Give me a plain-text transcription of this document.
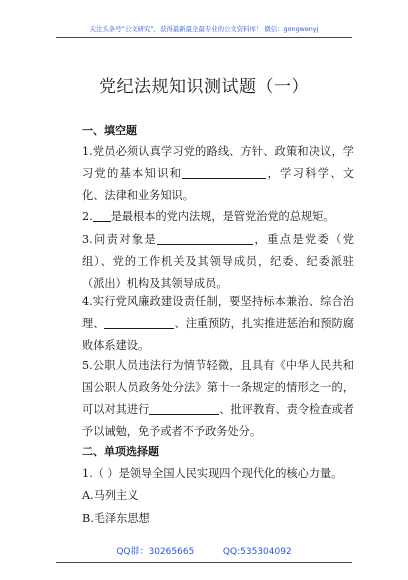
关注头条号“公文研究”，获得最新最全最专业的公文资料库！ 微信：gongwenyj
党纪法规知识测试题（一）
一、填空题

1.党员必须认真学习党的路线、方针、政策和决议，学习党的基本知识和	，学习科学、文化、法律和业务知识。

2. 是最根本的党内法规，是管党治党的总规矩。

3.问责对象是	，重点是党委（党组）、党的工作机关及其领导成员，纪委、纪委派驻（派出）机构及其领导成员。

4.实行党风廉政建设责任制，要坚持标本兼治、综合治理、	、注重预防，扎实推进惩治和预防腐败体系建设。

5.公职人员违法行为情节轻微，且具有《中华人民共和国公职人员政务处分法》第十一条规定的情形之一的，可以对其进行	、批评教育、责令检查或者予以诫勉，免予或者不予政务处分。

二、单项选择题
1.（ ）是领导全国人民实现四个现代化的核心力量。
A.马列主义
B.毛泽东思想
QQ群：30265665          QQ:535304092
